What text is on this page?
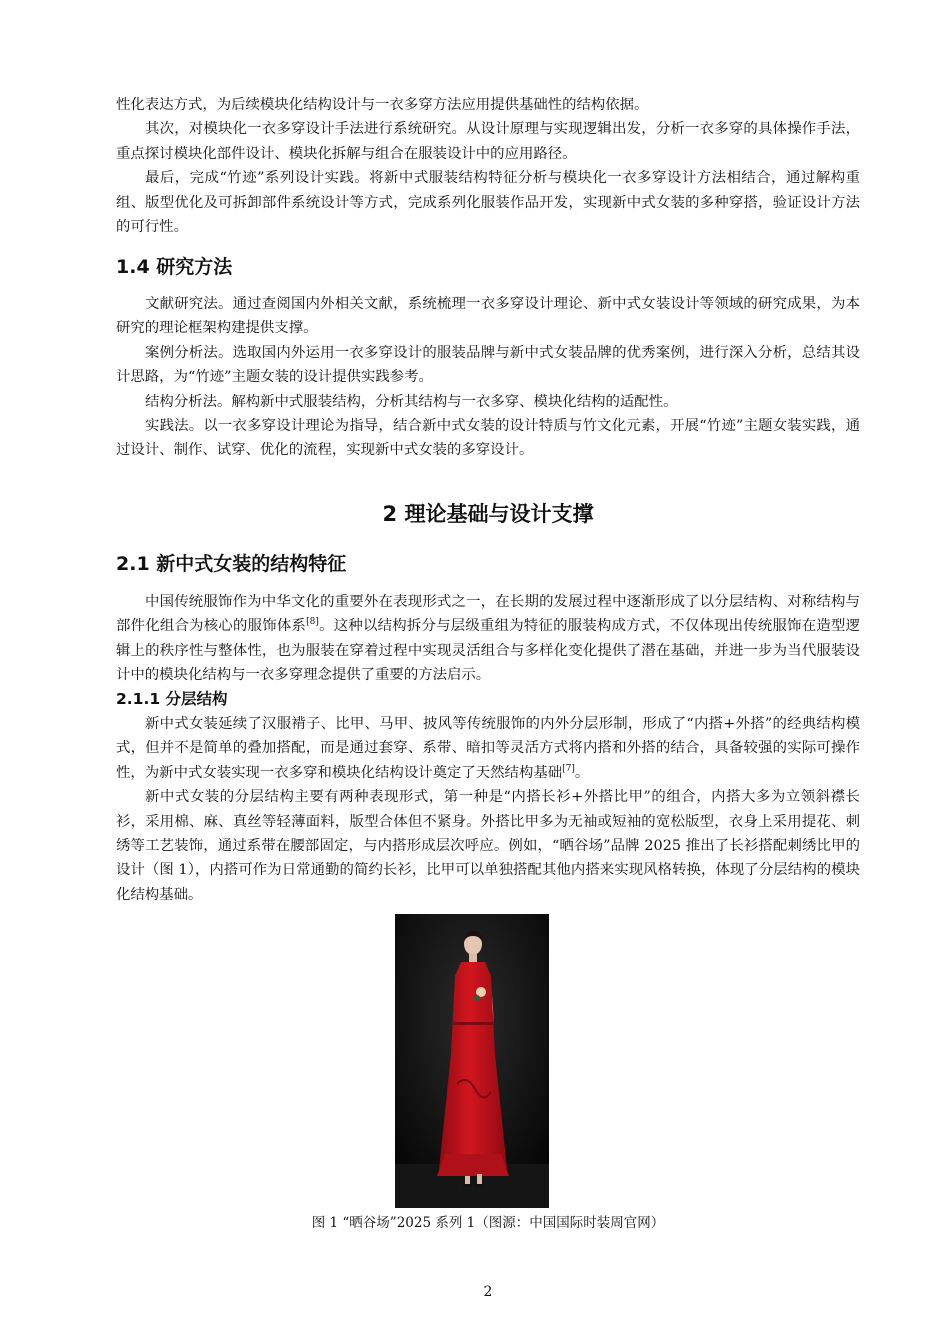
性化表达方式，为后续模块化结构设计与一衣多穿方法应用提供基础性的结构依据。

其次，对模块化一衣多穿设计手法进行系统研究。从设计原理与实现逻辑出发，分析一衣多穿的具体操作手法，重点探讨模块化部件设计、模块化拆解与组合在服装设计中的应用路径。

最后，完成“竹迹”系列设计实践。将新中式服装结构特征分析与模块化一衣多穿设计方法相结合，通过解构重组、版型优化及可拆卸部件系统设计等方式，完成系列化服装作品开发，实现新中式女装的多种穿搭，验证设计方法的可行性。

1.4 研究方法

文献研究法。通过查阅国内外相关文献，系统梳理一衣多穿设计理论、新中式女装设计等领域的研究成果，为本研究的理论框架构建提供支撑。

案例分析法。选取国内外运用一衣多穿设计的服装品牌与新中式女装品牌的优秀案例，进行深入分析，总结其设计思路，为“竹迹”主题女装的设计提供实践参考。

结构分析法。解构新中式服装结构，分析其结构与一衣多穿、模块化结构的适配性。

实践法。以一衣多穿设计理论为指导，结合新中式女装的设计特质与竹文化元素，开展“竹迹”主题女装实践，通过设计、制作、试穿、优化的流程，实现新中式女装的多穿设计。

2 理论基础与设计支撑
2.1 新中式女装的结构特征

中国传统服饰作为中华文化的重要外在表现形式之一，在长期的发展过程中逐渐形成了以分层结构、对称结构与部件化组合为核心的服饰体系[8]。这种以结构拆分与层级重组为特征的服装构成方式，不仅体现出传统服饰在造型逻辑上的秩序性与整体性，也为服装在穿着过程中实现灵活组合与多样化变化提供了潜在基础，并进一步为当代服装设计中的模块化结构与一衣多穿理念提供了重要的方法启示。

2.1.1 分层结构

新中式女装延续了汉服褙子、比甲、马甲、披风等传统服饰的内外分层形制，形成了“内搭+外搭”的经典结构模式，但并不是简单的叠加搭配，而是通过套穿、系带、暗扣等灵活方式将内搭和外搭的结合，具备较强的实际可操作性，为新中式女装实现一衣多穿和模块化结构设计奠定了天然结构基础[7]。

新中式女装的分层结构主要有两种表现形式，第一种是“内搭长衫+外搭比甲”的组合，内搭大多为立领斜襟长衫，采用棉、麻、真丝等轻薄面料，版型合体但不紧身。外搭比甲多为无袖或短袖的宽松版型，衣身上采用提花、刺绣等工艺装饰，通过系带在腰部固定，与内搭形成层次呼应。例如，“晒谷场”品牌 2025 推出了长衫搭配刺绣比甲的设计（图 1），内搭可作为日常通勤的简约长衫，比甲可以单独搭配其他内搭来实现风格转换，体现了分层结构的模块化结构基础。

图 1 “晒谷场”2025 系列 1（图源：中国国际时装周官网）

2
